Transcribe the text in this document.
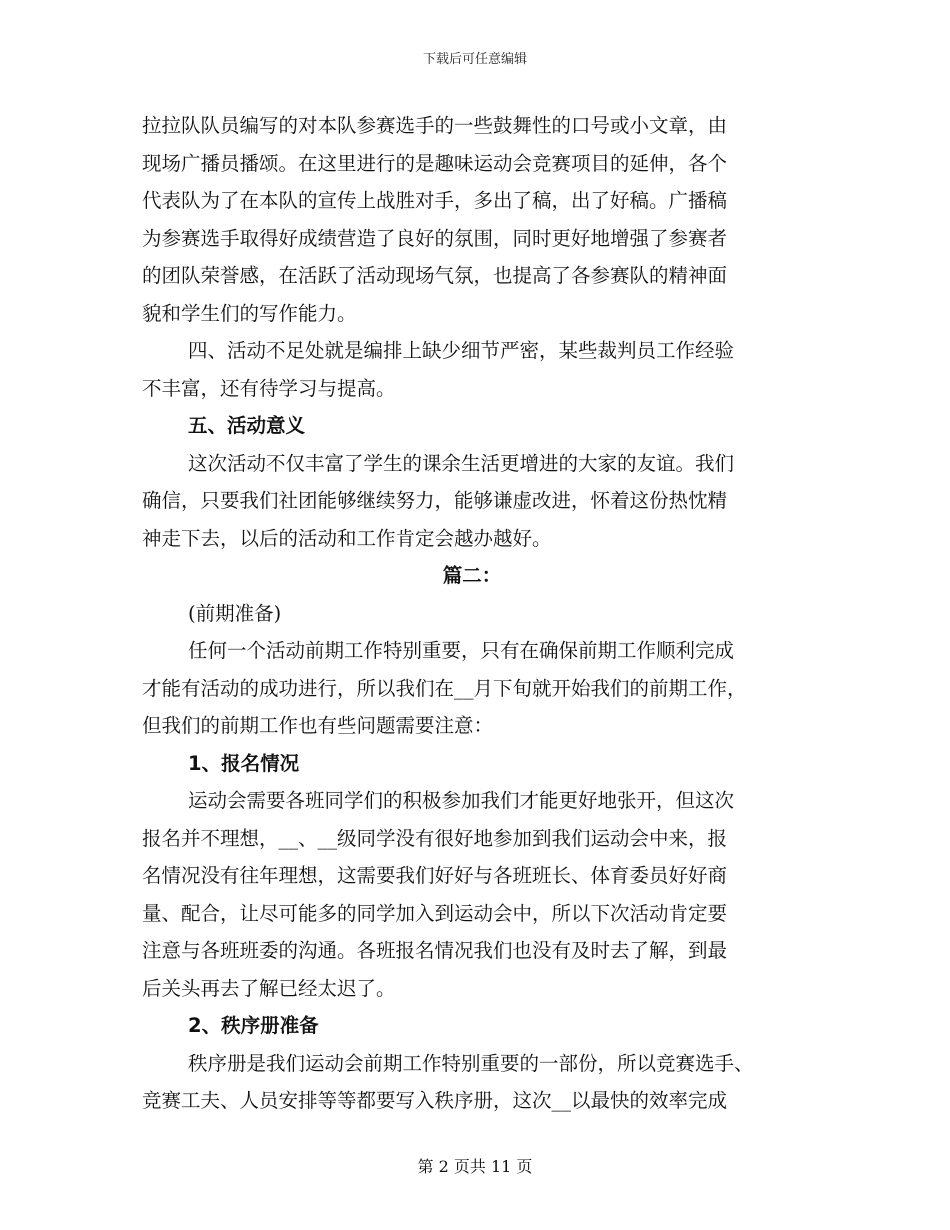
下载后可任意编辑
拉拉队队员编写的对本队参赛选手的一些鼓舞性的口号或小文章，由
现场广播员播颂。在这里进行的是趣味运动会竞赛项目的延伸，各个
代表队为了在本队的宣传上战胜对手，多出了稿，出了好稿。广播稿
为参赛选手取得好成绩营造了良好的氛围，同时更好地增强了参赛者
的团队荣誉感，在活跃了活动现场气氛，也提高了各参赛队的精神面
貌和学生们的写作能力。
四、活动不足处就是编排上缺少细节严密，某些裁判员工作经验
不丰富，还有待学习与提高。
五、活动意义
这次活动不仅丰富了学生的课余生活更增进的大家的友谊。我们
确信，只要我们社团能够继续努力，能够谦虚改进，怀着这份热忱精
神走下去，以后的活动和工作肯定会越办越好。
篇二：
(前期准备)
任何一个活动前期工作特别重要，只有在确保前期工作顺利完成
才能有活动的成功进行，所以我们在__月下旬就开始我们的前期工作，
但我们的前期工作也有些问题需要注意：
1、报名情况
运动会需要各班同学们的积极参加我们才能更好地张开，但这次
报名并不理想，__、__级同学没有很好地参加到我们运动会中来，报
名情况没有往年理想，这需要我们好好与各班班长、体育委员好好商
量、配合，让尽可能多的同学加入到运动会中，所以下次活动肯定要
注意与各班班委的沟通。各班报名情况我们也没有及时去了解，到最
后关头再去了解已经太迟了。
2、秩序册准备
秩序册是我们运动会前期工作特别重要的一部份，所以竞赛选手、
竞赛工夫、人员安排等等都要写入秩序册，这次__以最快的效率完成
第 2 页共 11 页
